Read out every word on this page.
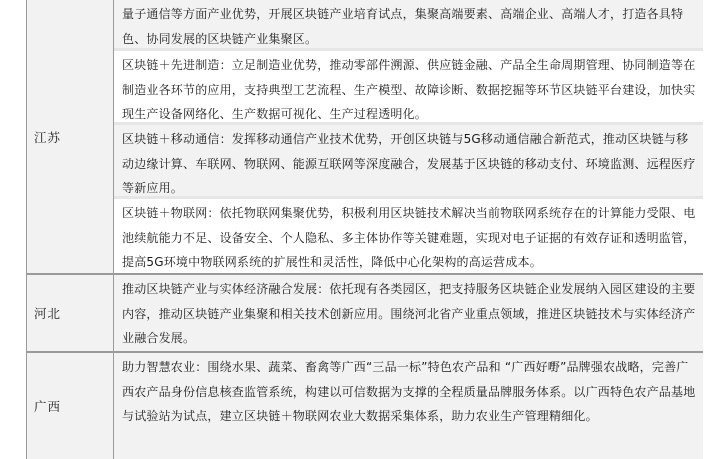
江苏
量子通信等方面产业优势，开展区块链产业培育试点，集聚高端要素、高端企业、高端人才，打造各具特色、协同发展的区块链产业集聚区。
区块链＋先进制造：立足制造业优势，推动零部件溯源、供应链金融、产品全生命周期管理、协同制造等在制造业各环节的应用，支持典型工艺流程、生产模型、故障诊断、数据挖掘等环节区块链平台建设，加快实现生产设备网络化、生产数据可视化、生产过程透明化。
区块链＋移动通信：发挥移动通信产业技术优势，开创区块链与5G移动通信融合新范式，推动区块链与移动边缘计算、车联网、物联网、能源互联网等深度融合，发展基于区块链的移动支付、环境监测、远程医疗等新应用。
区块链＋物联网：依托物联网集聚优势，积极利用区块链技术解决当前物联网系统存在的计算能力受限、电池续航能力不足、设备安全、个人隐私、多主体协作等关键难题，实现对电子证据的有效存证和透明监管，提高5G环境中物联网系统的扩展性和灵活性，降低中心化架构的高运营成本。
河北
推动区块链产业与实体经济融合发展：依托现有各类园区，把支持服务区块链企业发展纳入园区建设的主要内容，推动区块链产业集聚和相关技术创新应用。围绕河北省产业重点领域，推进区块链技术与实体经济产业融合发展。
广西
助力智慧农业：围绕水果、蔬菜、畜禽等广西“三品一标”特色农产品和 “广西好嘢”品牌强农战略，完善广西农产品身份信息核查监管系统，构建以可信数据为支撑的全程质量品牌服务体系。以广西特色农产品基地与试验站为试点，建立区块链＋物联网农业大数据采集体系，助力农业生产管理精细化。
